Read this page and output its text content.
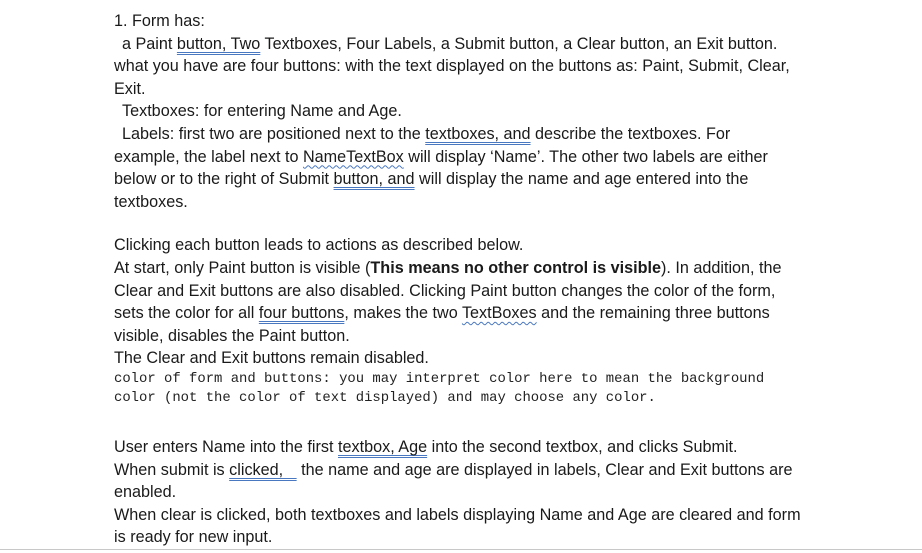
1. Form has:
a Paint button, Two Textboxes, Four Labels, a Submit button, a Clear button, an Exit button.
what you have are four buttons: with the text displayed on the buttons as: Paint, Submit, Clear,
Exit.
Textboxes: for entering Name and Age.
Labels: first two are positioned next to the textboxes, and describe the textboxes. For
example, the label next to NameTextBox will display ‘Name’. The other two labels are either
below or to the right of Submit button, and will display the name and age entered into the
textboxes.
Clicking each button leads to actions as described below.
At start, only Paint button is visible (This means no other control is visible). In addition, the
Clear and Exit buttons are also disabled. Clicking Paint button changes the color of the form,
sets the color for all four buttons, makes the two TextBoxes and the remaining three buttons
visible, disables the Paint button.
The Clear and Exit buttons remain disabled.
color of form and buttons: you may interpret color here to mean the background
color (not the color of text displayed) and may choose any color.
User enters Name into the first textbox, Age into the second textbox, and clicks Submit.
When submit is clicked,    the name and age are displayed in labels, Clear and Exit buttons are
enabled.
When clear is clicked, both textboxes and labels displaying Name and Age are cleared and form
is ready for new input.
